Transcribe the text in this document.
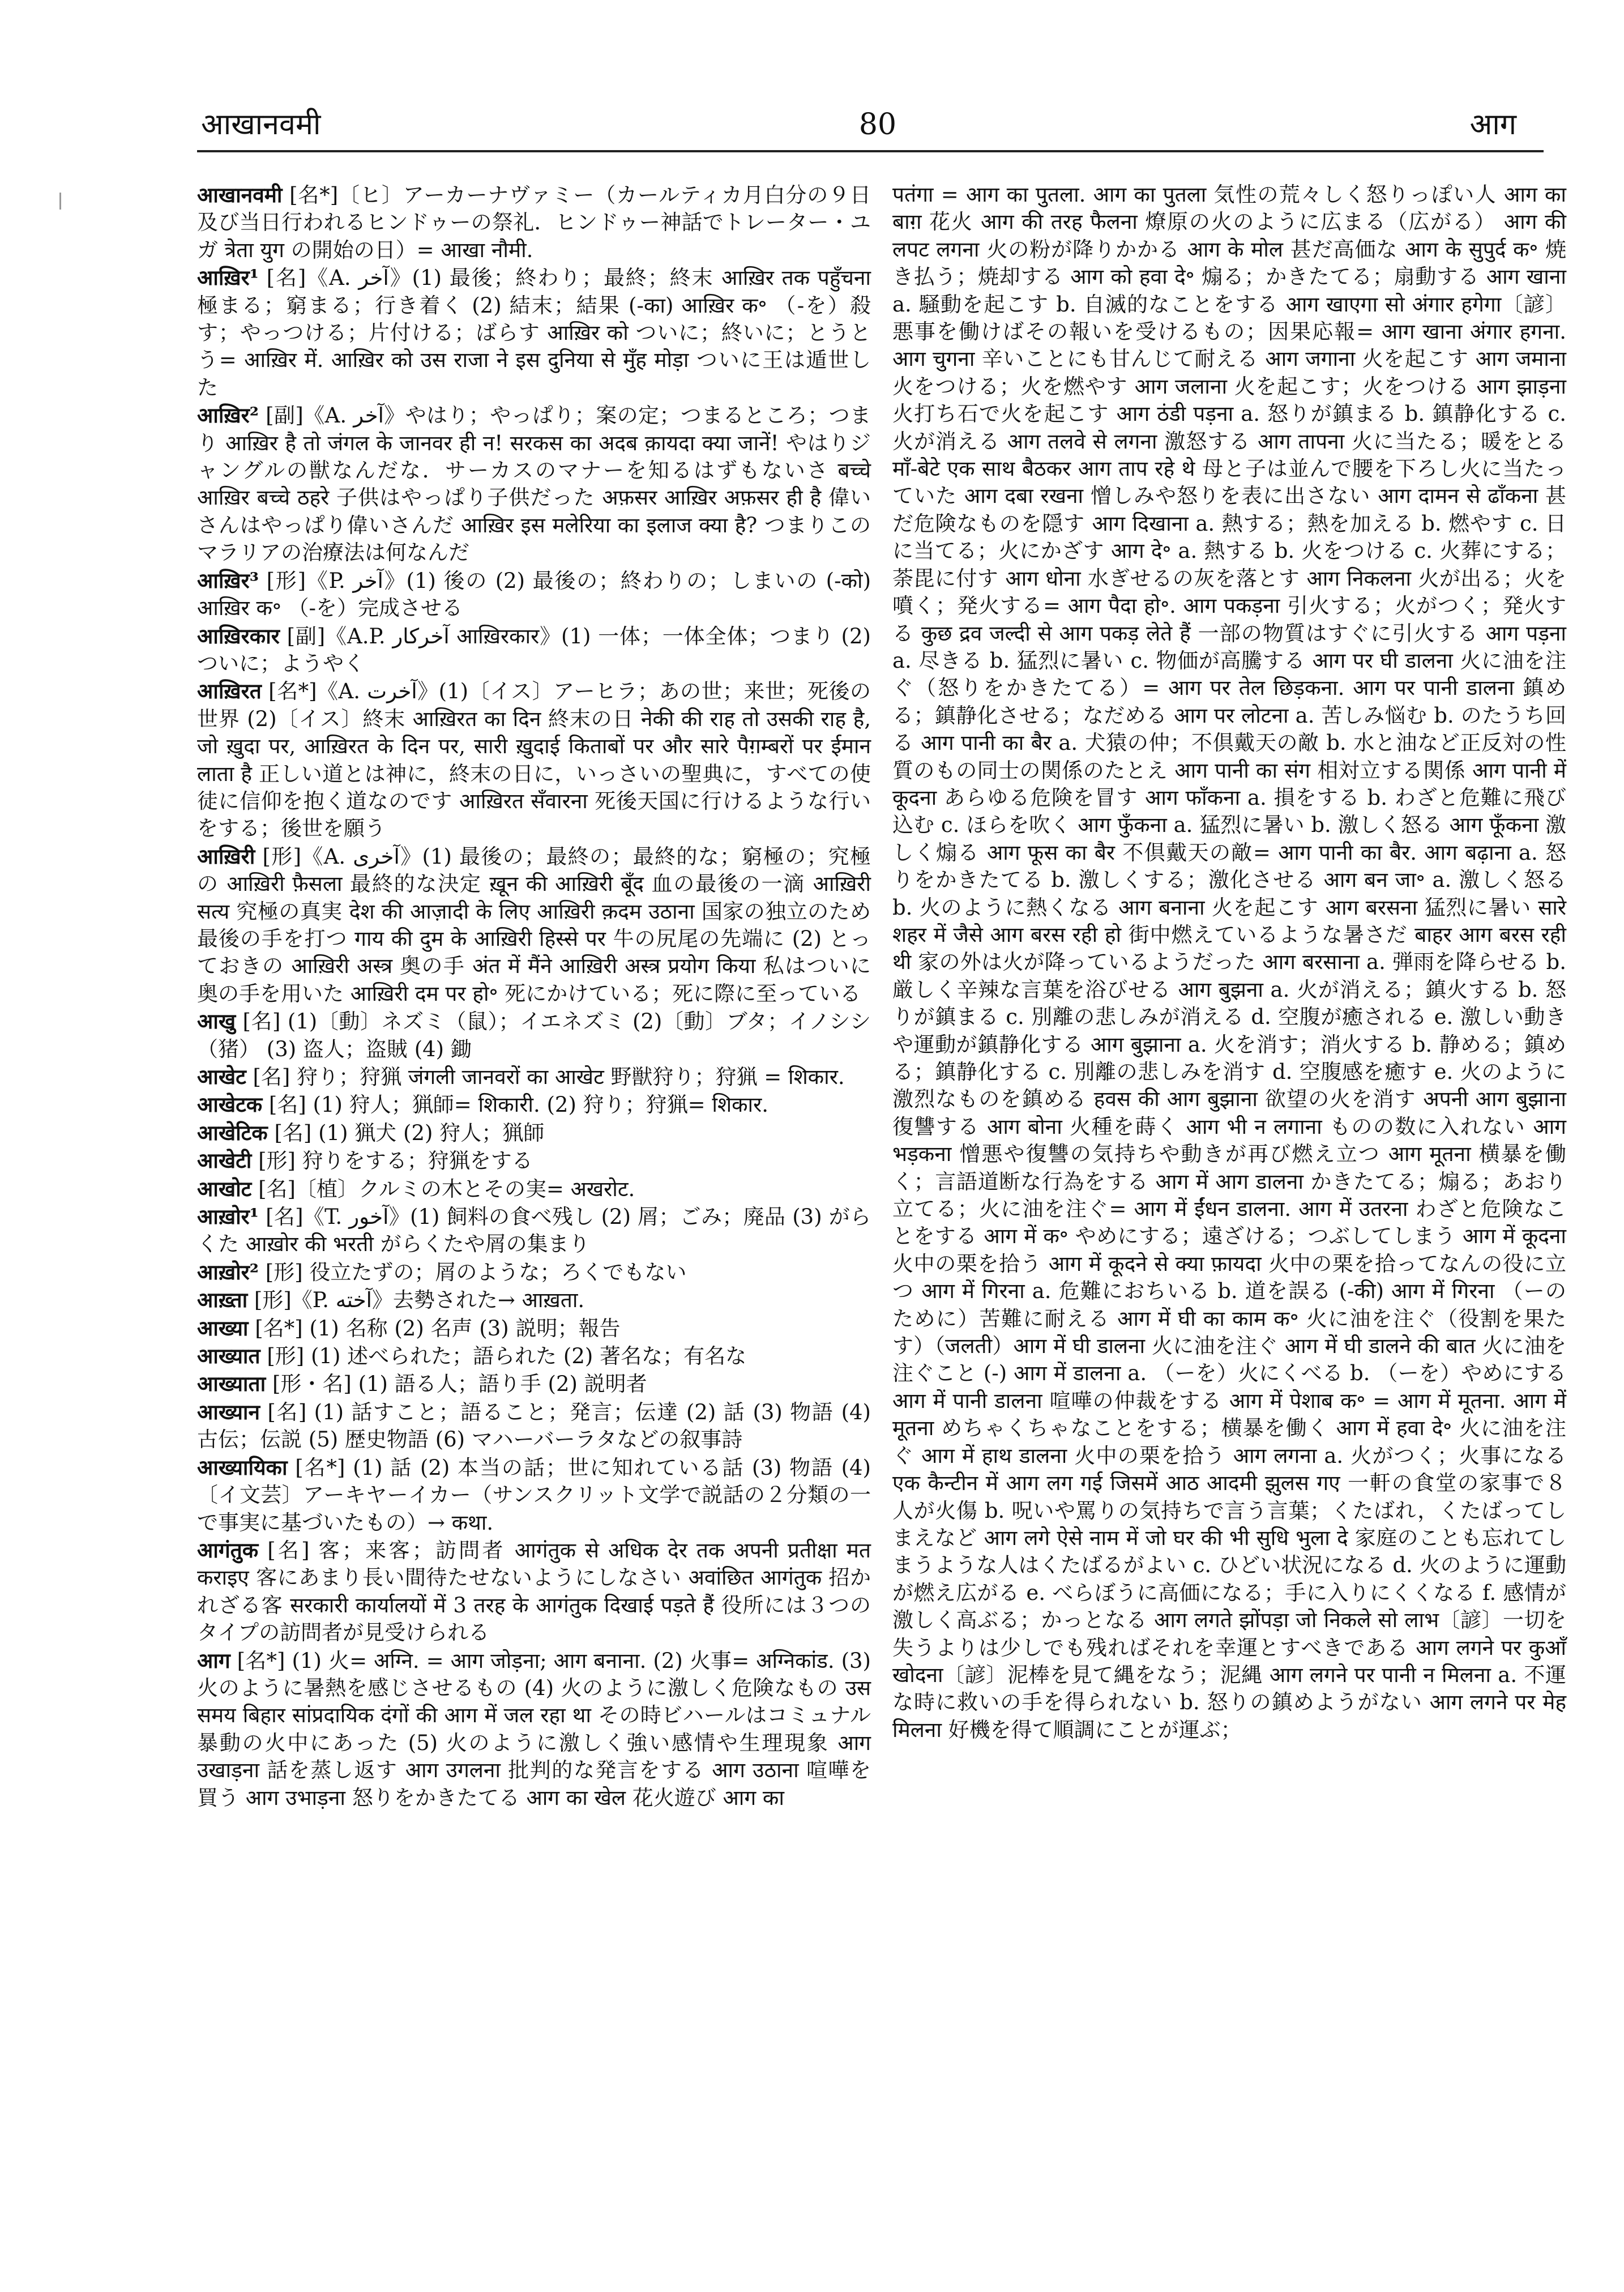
आखानवमी	80	आग

आखानवमी [名*]〔ヒ〕アーカーナヴァミー（カールティカ月白分の９日及び当日行われるヒンドゥーの祭礼．ヒンドゥー神話でトレーター・ユガ त्रेता युग の開始の日）= आखा नौमी.

आख़िर¹ [名]《A. آخر》(1) 最後；終わり；最終；終末 आख़िर तक पहुँचना 極まる；窮まる；行き着く (2) 結末；結果 (-का) आख़िर क॰ （-を）殺す；やっつける；片付ける；ばらす आख़िर को ついに；終いに；とうとう= आख़िर में. आख़िर को उस राजा ने इस दुनिया से मुँह मोड़ा ついに王は遁世した

आख़िर² [副]《A. آخر》やはり；やっぱり；案の定；つまるところ；つまり आख़िर है तो जंगल के जानवर ही न! सरकस का अदब क़ायदा क्या जानें! やはりジャングルの獣なんだな．サーカスのマナーを知るはずもないさ बच्चे आख़िर बच्चे ठहरे 子供はやっぱり子供だった अफ़सर आख़िर अफ़सर ही है 偉いさんはやっぱり偉いさんだ आख़िर इस मलेरिया का इलाज क्या है? つまりこのマラリアの治療法は何なんだ

आख़िर³ [形]《P. آخر》(1) 後の (2) 最後の；終わりの；しまいの (-को) आख़िर क॰ （-を）完成させる

आख़िरकार [副]《A.P. آخرکار आख़िरकार》(1) 一体；一体全体；つまり (2) ついに；ようやく

आख़िरत [名*]《A. آخرت》(1)〔イス〕アーヒラ；あの世；来世；死後の世界 (2)〔イス〕終末 आख़िरत का दिन 終末の日 नेकी की राह तो उसकी राह है, जो ख़ुदा पर, आख़िरत के दिन पर, सारी ख़ुदाई किताबों पर और सारे पैग़म्बरों पर ईमान लाता है 正しい道とは神に，終末の日に，いっさいの聖典に，すべての使徒に信仰を抱く道なのです आख़िरत सँवारना 死後天国に行けるような行いをする；後世を願う

आख़िरी [形]《A. آخری》(1) 最後の；最終の；最終的な；窮極の；究極の आख़िरी फ़ैसला 最終的な決定 ख़ून की आख़िरी बूँद 血の最後の一滴 आख़िरी सत्य 究極の真実 देश की आज़ादी के लिए आख़िरी क़दम उठाना 国家の独立のため最後の手を打つ गाय की दुम के आख़िरी हिस्से पर 牛の尻尾の先端に (2) とっておきの आख़िरी अस्त्र 奥の手 अंत में मैंने आख़िरी अस्त्र प्रयोग किया 私はついに奥の手を用いた आख़िरी दम पर हो॰ 死にかけている；死に際に至っている

आखु [名] (1)〔動〕ネズミ（鼠）；イエネズミ (2)〔動〕ブタ；イノシシ（猪） (3) 盗人；盗賊 (4) 鋤

आखेट [名] 狩り；狩猟 जंगली जानवरों का आखेट 野獣狩り；狩猟 = शिकार.

आखेटक [名] (1) 狩人；猟師= शिकारी. (2) 狩り；狩猟= शिकार.

आखेटिक [名] (1) 猟犬 (2) 狩人；猟師

आखेटी [形] 狩りをする；狩猟をする

आखोट [名]〔植〕クルミの木とその実= अखरोट.

आख़ोर¹ [名]《T. آخور》(1) 飼料の食べ残し (2) 屑；ごみ；廃品 (3) がらくた आख़ोर की भरती がらくたや屑の集まり

आख़ोर² [形] 役立たずの；屑のような；ろくでもない

आख़्ता [形]《P. آخته》去勢された→ आख़ता.

आख्या [名*] (1) 名称 (2) 名声 (3) 説明；報告

आख्यात [形] (1) 述べられた；語られた (2) 著名な；有名な

आख्याता [形・名] (1) 語る人；語り手 (2) 説明者

आख्यान [名] (1) 話すこと；語ること；発言；伝達 (2) 話 (3) 物語 (4) 古伝；伝説 (5) 歴史物語 (6) マハーバーラタなどの叙事詩

आख्यायिका [名*] (1) 話 (2) 本当の話；世に知れている話 (3) 物語 (4)〔イ文芸〕アーキヤーイカー（サンスクリット文学で説話の２分類の一で事実に基づいたもの）→ कथा.

आगंतुक [名] 客；来客；訪問者 आगंतुक से अधिक देर तक अपनी प्रतीक्षा मत कराइए 客にあまり長い間待たせないようにしなさい अवांछित आगंतुक 招かれざる客 सरकारी कार्यालयों में 3 तरह के आगंतुक दिखाई पड़ते हैं 役所には３つのタイプの訪問者が見受けられる

आग [名*] (1) 火= अग्नि. = आग जोड़ना; आग बनाना. (2) 火事= अग्निकांड. (3) 火のように暑熱を感じさせるもの (4) 火のように激しく危険なもの उस समय बिहार सांप्रदायिक दंगों की आग में जल रहा था その時ビハールはコミュナル暴動の火中にあった (5) 火のように激しく強い感情や生理現象 आग उखाड़ना 話を蒸し返す आग उगलना 批判的な発言をする आग उठाना 喧嘩を買う आग उभाड़ना 怒りをかきたてる आग का खेल 花火遊び आग का

पतंगा = आग का पुतला. आग का पुतला 気性の荒々しく怒りっぽい人 आग का बाग़ 花火 आग की तरह फैलना 燎原の火のように広まる（広がる） आग की लपट लगना 火の粉が降りかかる आग के मोल 甚だ高価な आग के सुपुर्द क॰ 焼き払う；焼却する आग को हवा दे॰ 煽る；かきたてる；扇動する आग खाना a. 騒動を起こす b. 自滅的なことをする आग खाएगा सो अंगार हगेगा〔諺〕悪事を働けばその報いを受けるもの；因果応報= आग खाना अंगार हगना. आग चुगना 辛いことにも甘んじて耐える आग जगाना 火を起こす आग जमाना 火をつける；火を燃やす आग जलाना 火を起こす；火をつける आग झाड़ना 火打ち石で火を起こす आग ठंडी पड़ना a. 怒りが鎮まる b. 鎮静化する c. 火が消える आग तलवे से लगना 激怒する आग तापना 火に当たる；暖をとる माँ-बेटे एक साथ बैठकर आग ताप रहे थे 母と子は並んで腰を下ろし火に当たっていた आग दबा रखना 憎しみや怒りを表に出さない आग दामन से ढाँकना 甚だ危険なものを隠す आग दिखाना a. 熱する；熱を加える b. 燃やす c. 日に当てる；火にかざす आग दे॰ a. 熱する b. 火をつける c. 火葬にする；荼毘に付す आग धोना 水ぎせるの灰を落とす आग निकलना 火が出る；火を噴く；発火する= आग पैदा हो॰. आग पकड़ना 引火する；火がつく；発火する कुछ द्रव जल्दी से आग पकड़ लेते हैं 一部の物質はすぐに引火する आग पड़ना a. 尽きる b. 猛烈に暑い c. 物価が高騰する आग पर घी डालना 火に油を注ぐ（怒りをかきたてる）= आग पर तेल छिड़कना. आग पर पानी डालना 鎮める；鎮静化させる；なだめる आग पर लोटना a. 苦しみ悩む b. のたうち回る आग पानी का बैर a. 犬猿の仲；不倶戴天の敵 b. 水と油など正反対の性質のもの同士の関係のたとえ आग पानी का संग 相対立する関係 आग पानी में कूदना あらゆる危険を冒す आग फाँकना a. 損をする b. わざと危難に飛び込む c. ほらを吹く आग फुँकना a. 猛烈に暑い b. 激しく怒る आग फूँकना 激しく煽る आग फूस का बैर 不倶戴天の敵= आग पानी का बैर. आग बढ़ाना a. 怒りをかきたてる b. 激しくする；激化させる आग बन जा॰ a. 激しく怒る b. 火のように熱くなる आग बनाना 火を起こす आग बरसना 猛烈に暑い सारे शहर में जैसे आग बरस रही हो 街中燃えているような暑さだ बाहर आग बरस रही थी 家の外は火が降っているようだった आग बरसाना a. 弾雨を降らせる b. 厳しく辛辣な言葉を浴びせる आग बुझना a. 火が消える；鎮火する b. 怒りが鎮まる c. 別離の悲しみが消える d. 空腹が癒される e. 激しい動きや運動が鎮静化する आग बुझाना a. 火を消す；消火する b. 静める；鎮める；鎮静化する c. 別離の悲しみを消す d. 空腹感を癒す e. 火のように激烈なものを鎮める हवस की आग बुझाना 欲望の火を消す अपनी आग बुझाना 復讐する आग बोना 火種を蒔く आग भी न लगाना ものの数に入れない आग भड़कना 憎悪や復讐の気持ちや動きが再び燃え立つ आग मूतना 横暴を働く；言語道断な行為をする आग में आग डालना かきたてる；煽る；あおり立てる；火に油を注ぐ= आग में ईंधन डालना. आग में उतरना わざと危険なことをする आग में क॰ やめにする；遠ざける；つぶしてしまう आग में कूदना 火中の栗を拾う आग में कूदने से क्या फ़ायदा 火中の栗を拾ってなんの役に立つ आग में गिरना a. 危難におちいる b. 道を誤る (-की) आग में गिरना （ーのために）苦難に耐える आग में घी का काम क॰ 火に油を注ぐ（役割を果たす）（जलती）आग में घी डालना 火に油を注ぐ आग में घी डालने की बात 火に油を注ぐこと (-) आग में डालना a. （ーを）火にくべる b. （ーを）やめにする आग में पानी डालना 喧嘩の仲裁をする आग में पेशाब क॰ = आग में मूतना. आग में मूतना めちゃくちゃなことをする；横暴を働く आग में हवा दे॰ 火に油を注ぐ आग में हाथ डालना 火中の栗を拾う आग लगना a. 火がつく；火事になる एक कैन्टीन में आग लग गई जिसमें आठ आदमी झुलस गए 一軒の食堂の家事で８人が火傷 b. 呪いや罵りの気持ちで言う言葉；くたばれ，くたばってしまえなど आग लगे ऐसे नाम में जो घर की भी सुधि भुला दे 家庭のことも忘れてしまうような人はくたばるがよい c. ひどい状況になる d. 火のように運動が燃え広がる e. べらぼうに高価になる；手に入りにくくなる f. 感情が激しく高ぶる；かっとなる आग लगते झोंपड़ा जो निकले सो लाभ〔諺〕一切を失うよりは少しでも残ればそれを幸運とすべきである आग लगने पर कुआँ खोदना〔諺〕泥棒を見て縄をなう；泥縄 आग लगने पर पानी न मिलना a. 不運な時に救いの手を得られない b. 怒りの鎮めようがない आग लगने पर मेह मिलना 好機を得て順調にことが運ぶ；
